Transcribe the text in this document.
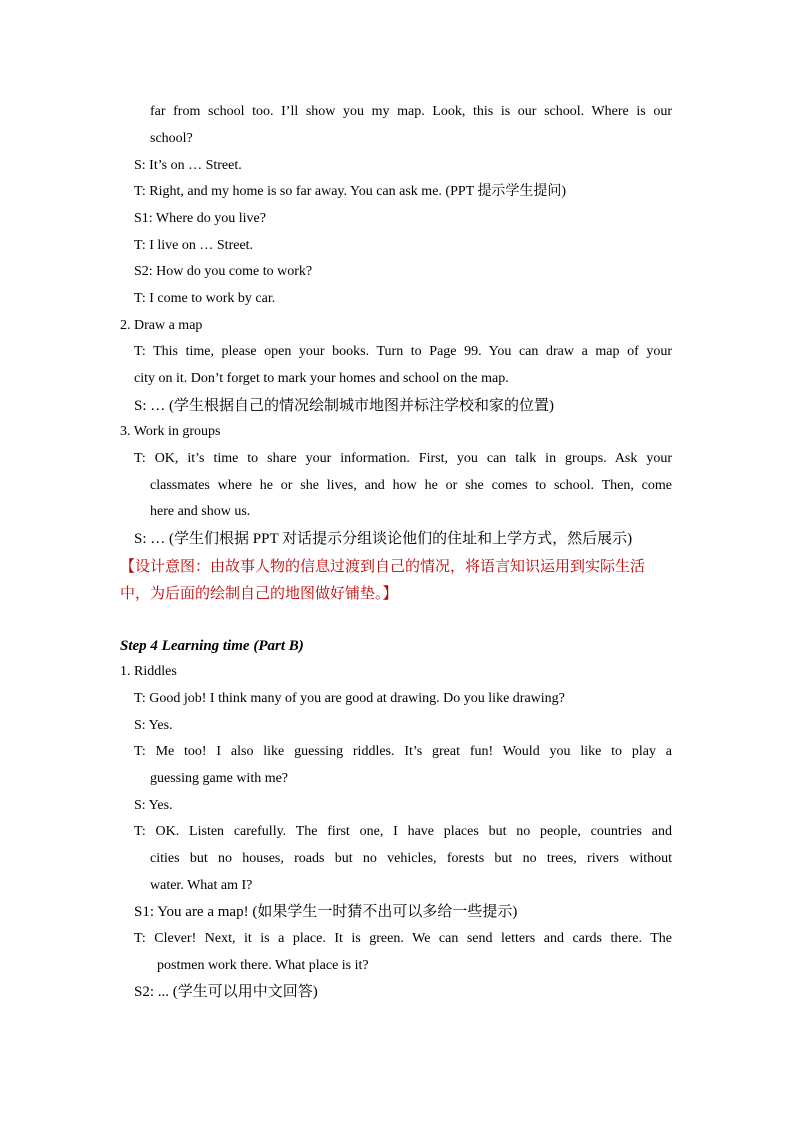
far from school too. I’ll show you my map. Look, this is our school. Where is our
school?
S: It’s on … Street.
T: Right, and my home is so far away. You can ask me. (PPT 提示学生提问)
S1: Where do you live?
T: I live on … Street.
S2: How do you come to work?
T: I come to work by car.
2. Draw a map
T: This time, please open your books. Turn to Page 99. You can draw a map of your
city on it. Don’t forget to mark your homes and school on the map.
S: … (学生根据自己的情况绘制城市地图并标注学校和家的位置)
3. Work in groups
T: OK, it’s time to share your information. First, you can talk in groups. Ask your
classmates where he or she lives, and how he or she comes to school. Then, come
here and show us.
S: … (学生们根据 PPT 对话提示分组谈论他们的住址和上学方式，然后展示)
【设计意图：由故事人物的信息过渡到自己的情况，将语言知识运用到实际生活
中，为后面的绘制自己的地图做好铺垫。】
Step 4 Learning time (Part B)
1. Riddles
T: Good job! I think many of you are good at drawing. Do you like drawing?
S: Yes.
T: Me too! I also like guessing riddles. It’s great fun! Would you like to play a
guessing game with me?
S: Yes.
T: OK. Listen carefully. The first one, I have places but no people, countries and
cities but no houses, roads but no vehicles, forests but no trees, rivers without
water. What am I?
S1: You are a map! (如果学生一时猜不出可以多给一些提示)
T: Clever! Next, it is a place. It is green. We can send letters and cards there. The
postmen work there. What place is it?
S2: ... (学生可以用中文回答)
